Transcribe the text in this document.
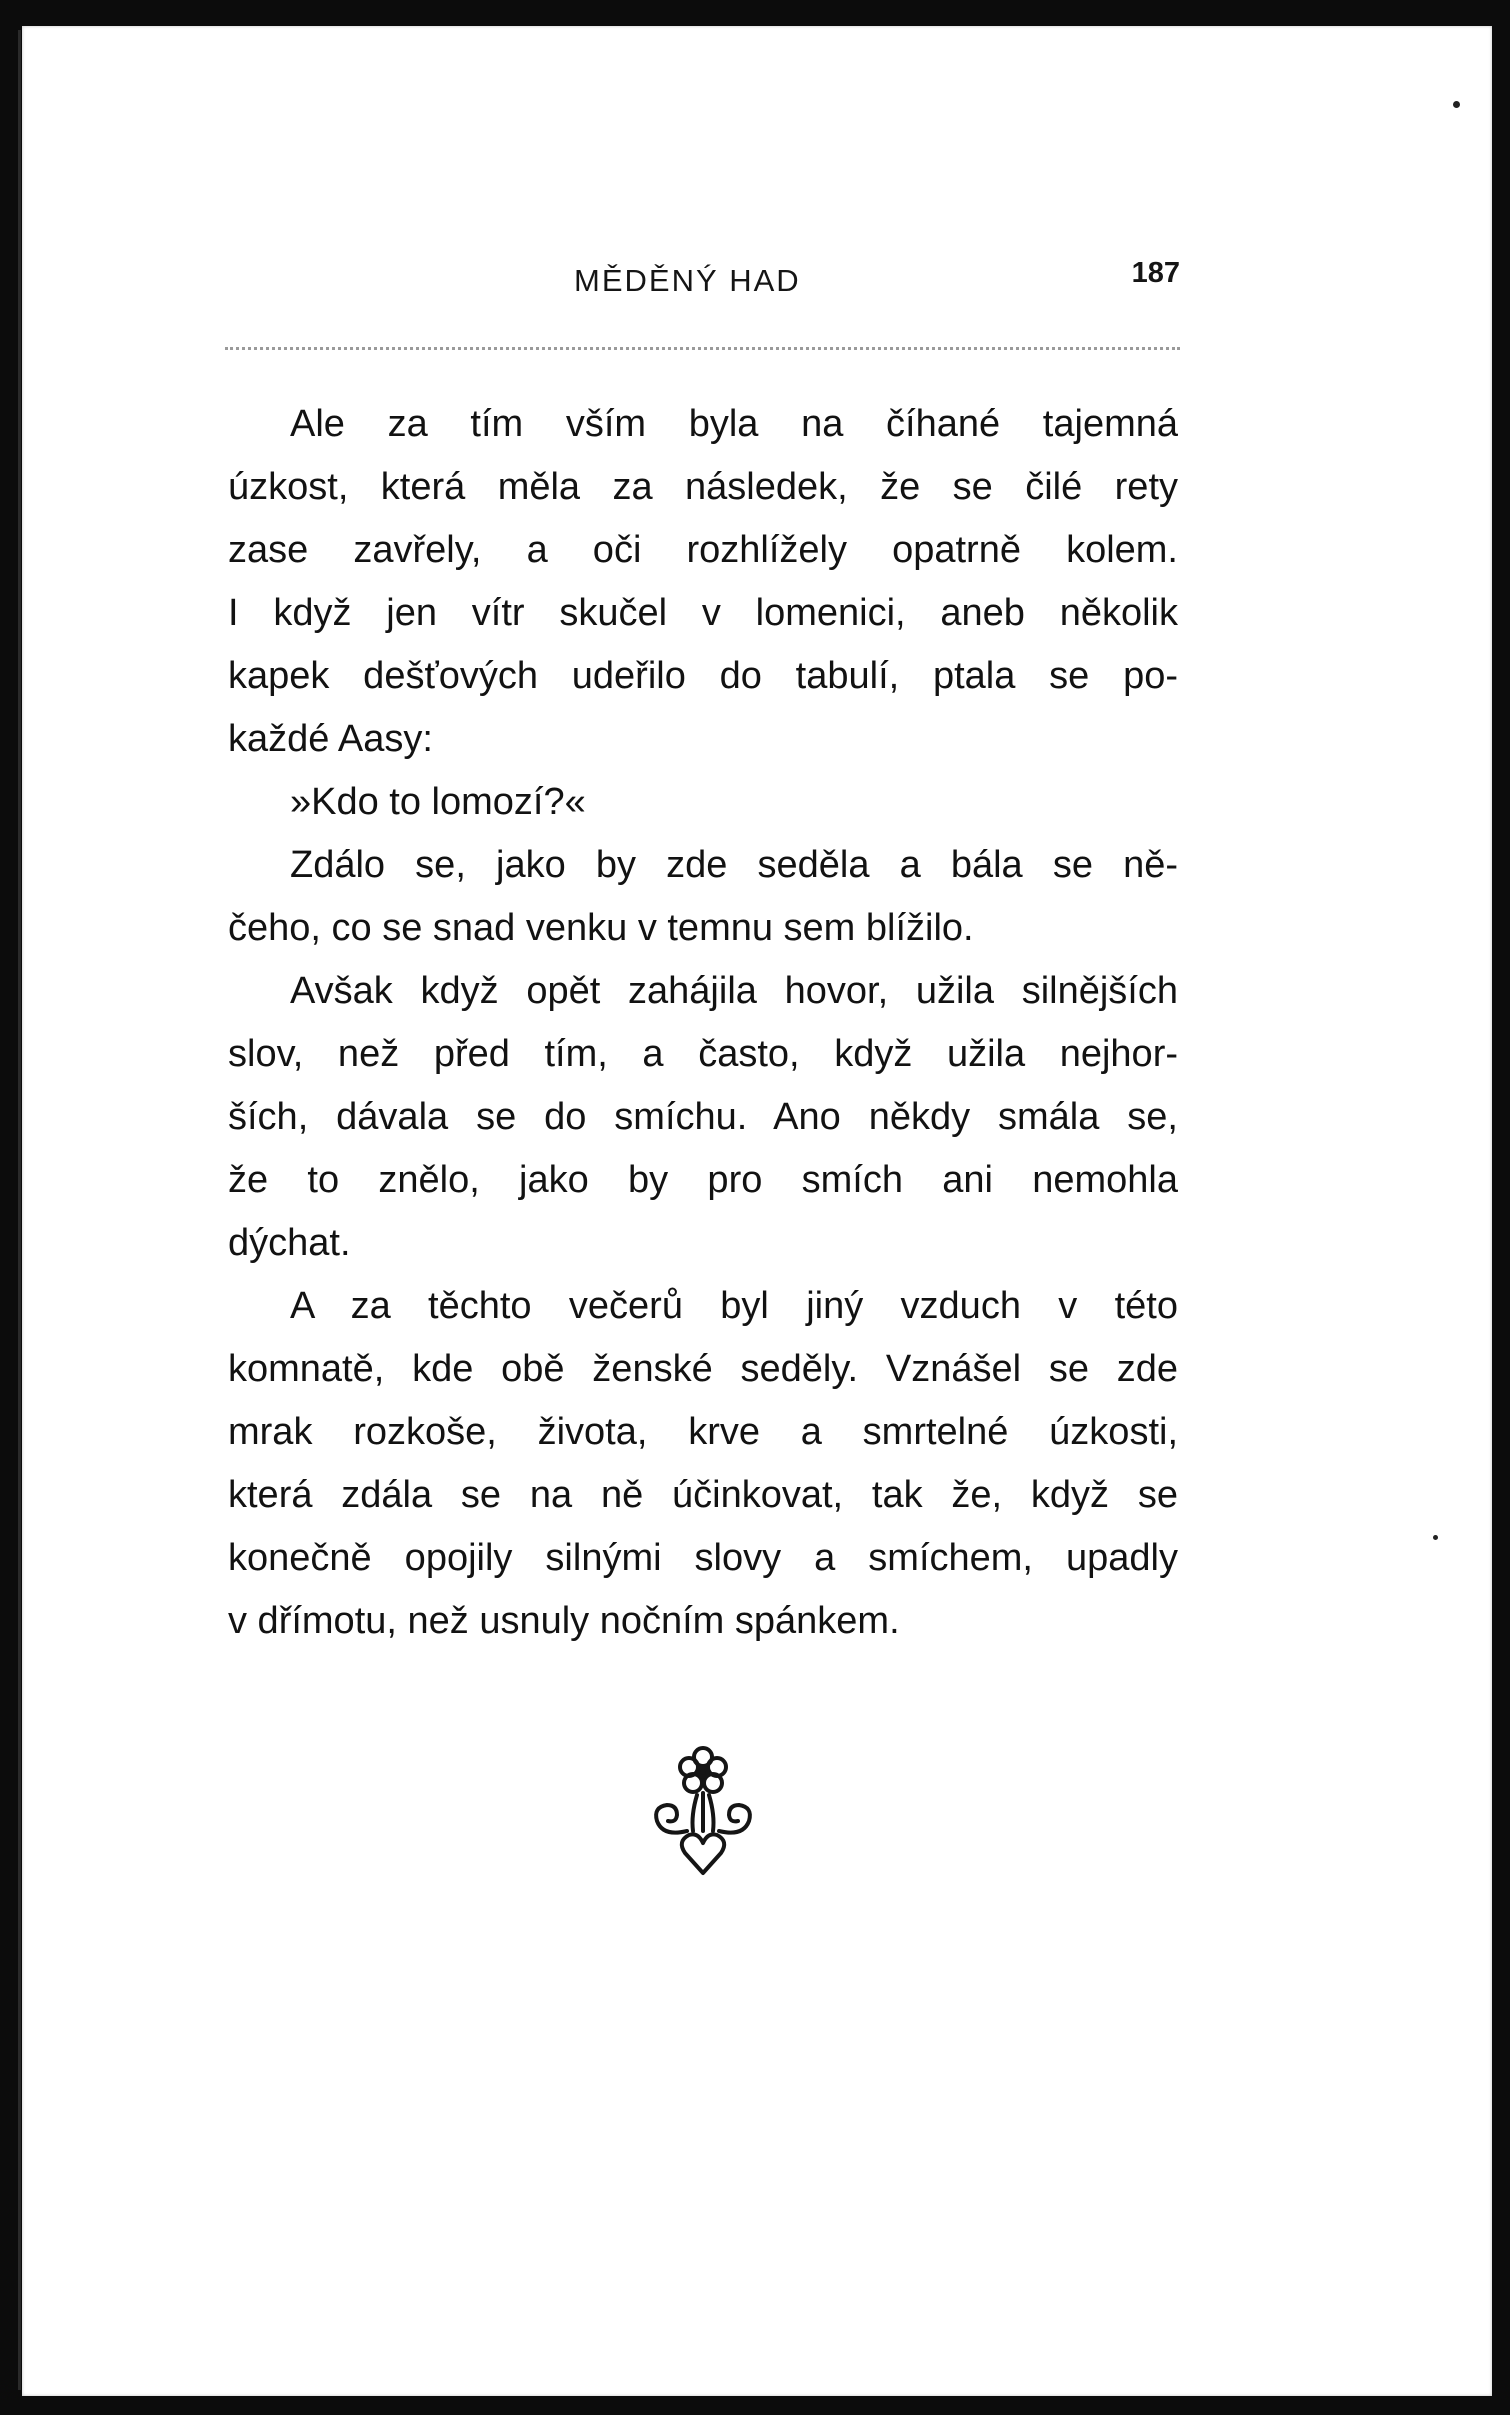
MĚDĚNÝ HAD	187
Ale za tím vším byla na číhané tajemná
úzkost, která měla za následek, že se čilé rety
zase zavřely, a oči rozhlížely opatrně kolem.
I když jen vítr skučel v lomenici, aneb několik
kapek dešťových udeřilo do tabulí, ptala se po-
každé Aasy:
»Kdo to lomozí?«
Zdálo se, jako by zde seděla a bála se ně-
čeho, co se snad venku v temnu sem blížilo.
Avšak když opět zahájila hovor, užila silnějších
slov, než před tím, a často, když užila nejhor-
ších, dávala se do smíchu. Ano někdy smála se,
že to znělo, jako by pro smích ani nemohla
dýchat.
A za těchto večerů byl jiný vzduch v této
komnatě, kde obě ženské seděly. Vznášel se zde
mrak rozkoše, života, krve a smrtelné úzkosti,
která zdála se na ně účinkovat, tak že, když se
konečně opojily silnými slovy a smíchem, upadly
v dřímotu, než usnuly nočním spánkem.
